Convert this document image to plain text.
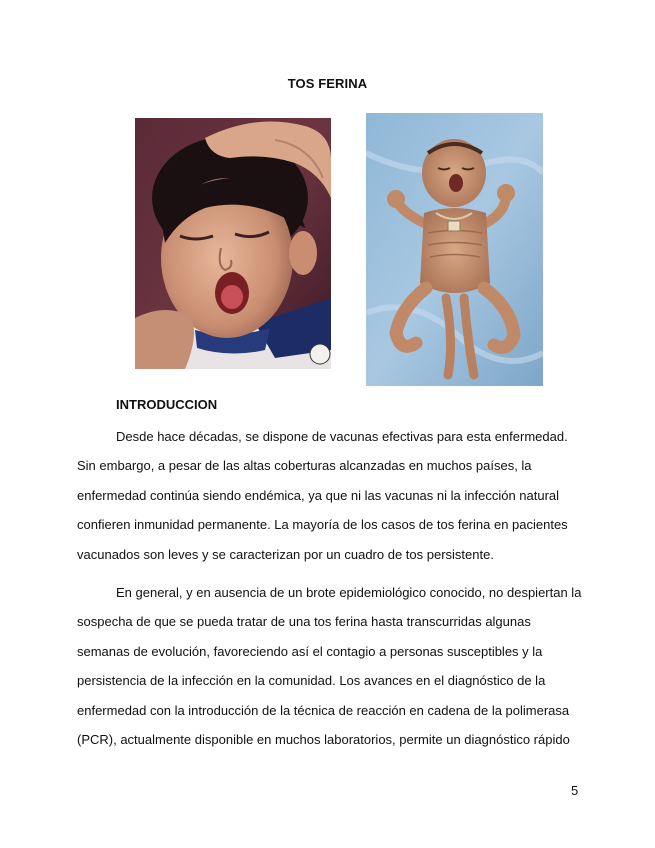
TOS FERINA
INTRODUCCION

Desde hace décadas, se dispone de vacunas efectivas para esta enfermedad. Sin embargo, a pesar de las altas coberturas alcanzadas en muchos países, la enfermedad continúa siendo endémica, ya que ni las vacunas ni la infección natural confieren inmunidad permanente. La mayoría de los casos de tos ferina en pacientes vacunados son leves y se caracterizan por un cuadro de tos persistente.

En general, y en ausencia de un brote epidemiológico conocido, no despiertan la sospecha de que se pueda tratar de una tos ferina hasta transcurridas algunas semanas de evolución, favoreciendo así el contagio a personas susceptibles y la persistencia de la infección en la comunidad. Los avances en el diagnóstico de la enfermedad con la introducción de la técnica de reacción en cadena de la polimerasa (PCR), actualmente disponible en muchos laboratorios, permite un diagnóstico rápido

5
